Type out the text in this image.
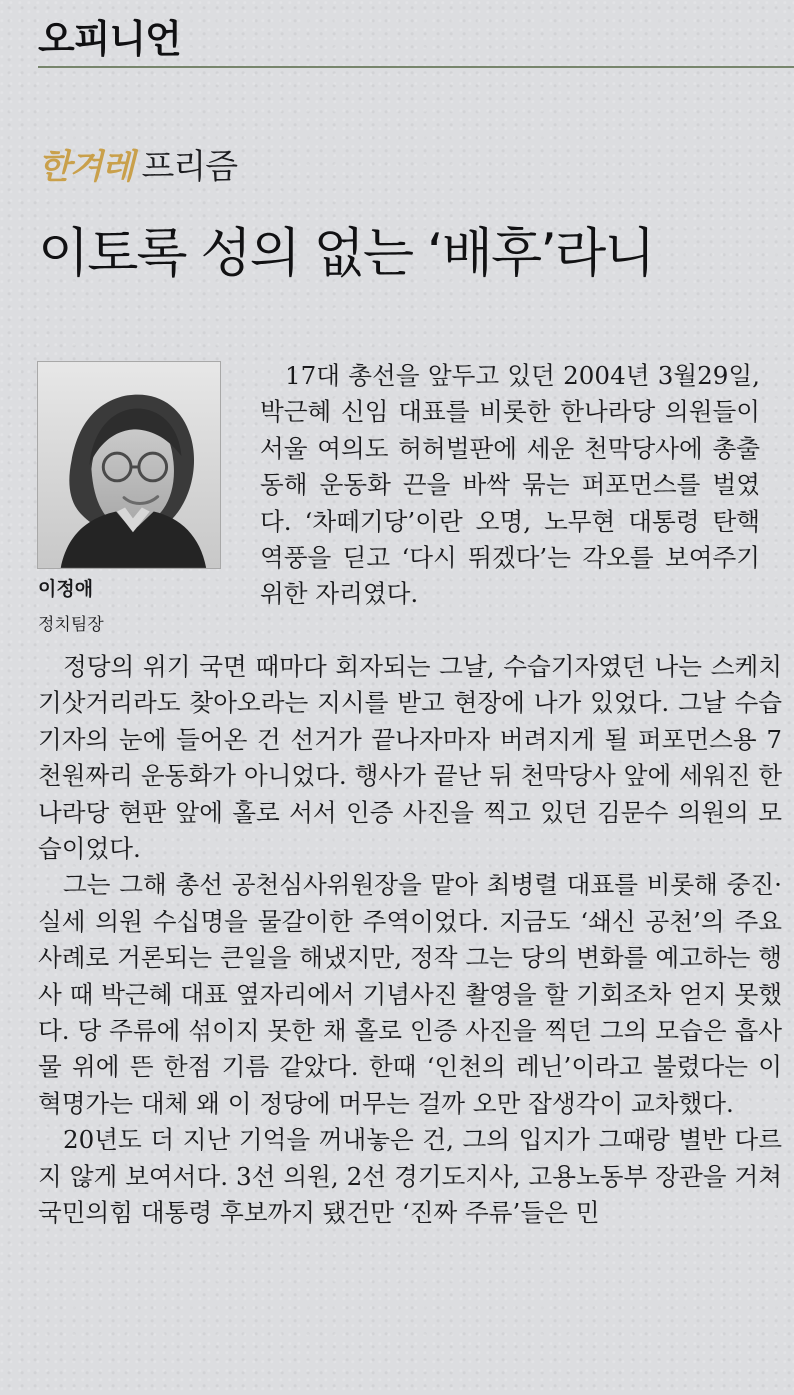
오피니언
한겨레 프리즘
이토록 성의 없는 ‘배후’라니
이정애
정치팀장

17대 총선을 앞두고 있던 2004년 3월29일, 박근혜 신임 대표를 비롯한 한나라당 의원들이 서울 여의도 허허벌판에 세운 천막당사에 총출동해 운동화 끈을 바싹 묶는 퍼포먼스를 벌였다. ‘차떼기당’이란 오명, 노무현 대통령 탄핵 역풍을 딛고 ‘다시 뛰겠다’는 각오를 보여주기 위한 자리였다.

정당의 위기 국면 때마다 회자되는 그날, 수습기자였던 나는 스케치 기삿거리라도 찾아오라는 지시를 받고 현장에 나가 있었다. 그날 수습기자의 눈에 들어온 건 선거가 끝나자마자 버려지게 될 퍼포먼스용 7천원짜리 운동화가 아니었다. 행사가 끝난 뒤 천막당사 앞에 세워진 한나라당 현판 앞에 홀로 서서 인증 사진을 찍고 있던 김문수 의원의 모습이었다.

그는 그해 총선 공천심사위원장을 맡아 최병렬 대표를 비롯해 중진·실세 의원 수십명을 물갈이한 주역이었다. 지금도 ‘쇄신 공천’의 주요 사례로 거론되는 큰일을 해냈지만, 정작 그는 당의 변화를 예고하는 행사 때 박근혜 대표 옆자리에서 기념사진 촬영을 할 기회조차 얻지 못했다. 당 주류에 섞이지 못한 채 홀로 인증 사진을 찍던 그의 모습은 흡사 물 위에 뜬 한점 기름 같았다. 한때 ‘인천의 레닌’이라고 불렸다는 이 혁명가는 대체 왜 이 정당에 머무는 걸까 오만 잡생각이 교차했다.

20년도 더 지난 기억을 꺼내놓은 건, 그의 입지가 그때랑 별반 다르지 않게 보여서다. 3선 의원, 2선 경기도지사, 고용노동부 장관을 거쳐 국민의힘 대통령 후보까지 됐건만 ‘진짜 주류’들은 민
